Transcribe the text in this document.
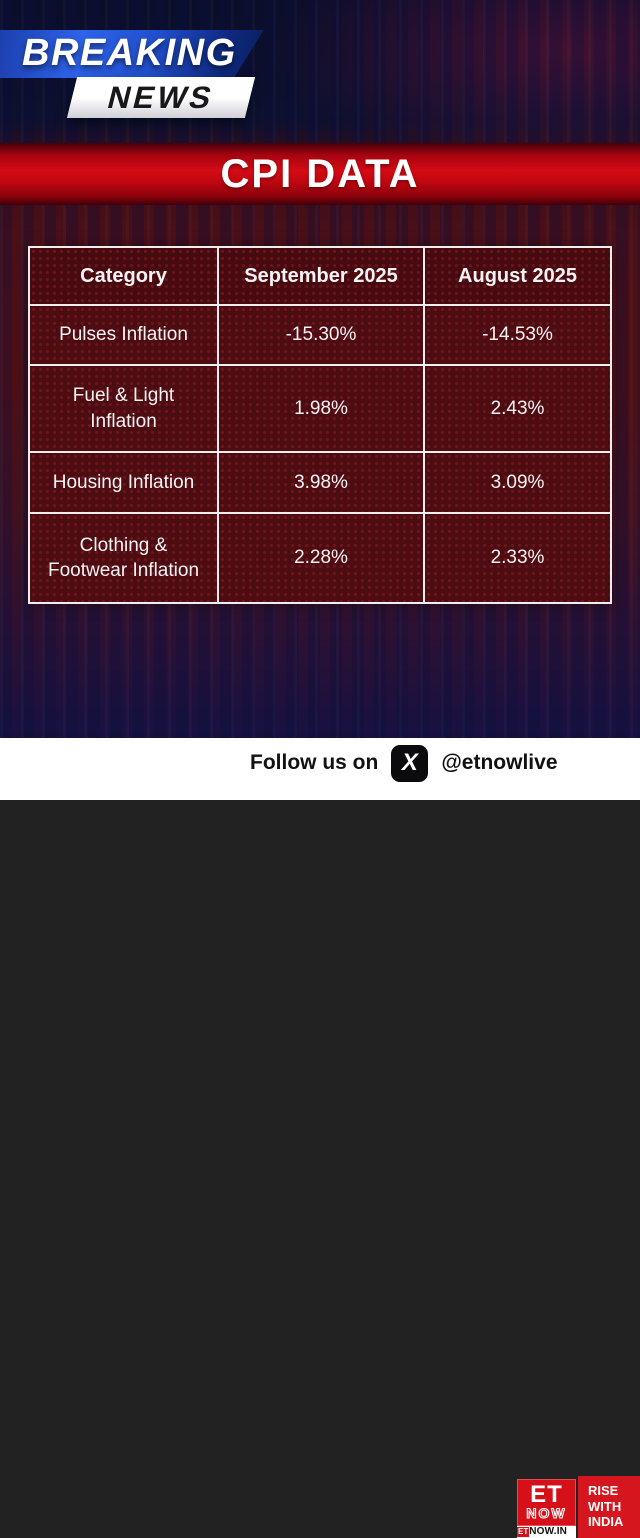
BREAKING
NEWS
CPI DATA
Category	September 2025	August 2025
Pulses Inflation	-15.30%	-14.53%
Fuel & Light
Inflation
1.98%	2.43%
Housing Inflation	3.98%	3.09%
Clothing &
Footwear Inflation
2.28%	2.33%
Follow us on X @etnowlive
ET
NOW
ET NOW.IN
RISE
WITH
INDIA
